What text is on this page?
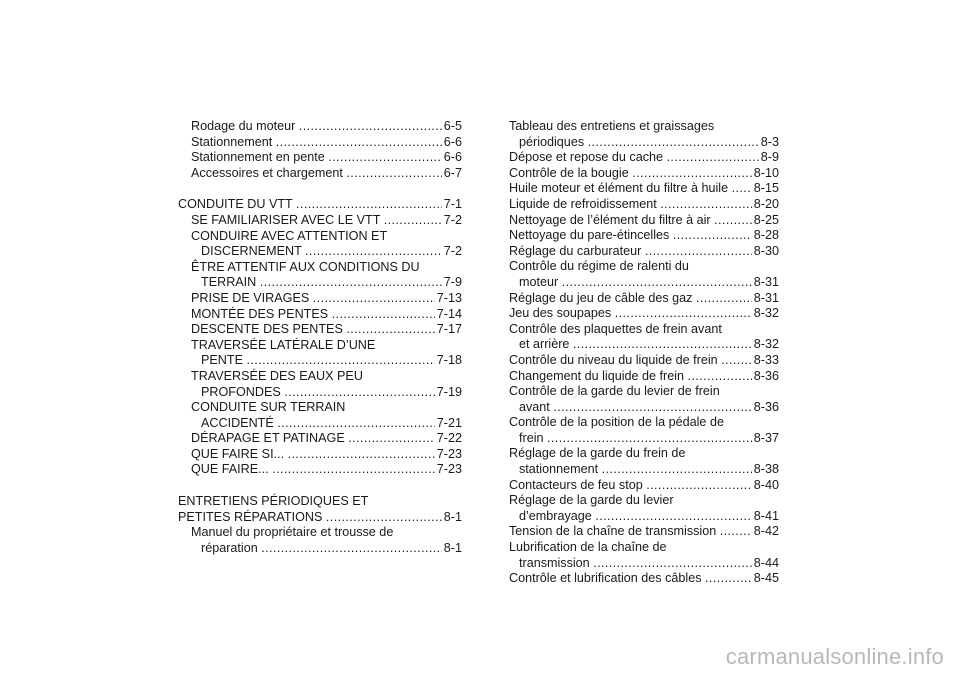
Rodage du moteur .....	6-5
Stationnement .....	6-6
Stationnement en pente .....	6-6
Accessoires et chargement .....	6-7
CONDUITE DU VTT .....	7-1
SE FAMILIARISER AVEC LE VTT .....	7-2
CONDUIRE AVEC ATTENTION ET
DISCERNEMENT .....	7-2
ÊTRE ATTENTIF AUX CONDITIONS DU
TERRAIN .....	7-9
PRISE DE VIRAGES .....	7-13
MONTÉE DES PENTES .....	7-14
DESCENTE DES PENTES .....	7-17
TRAVERSÉE LATÉRALE D’UNE
PENTE .....	7-18
TRAVERSÉE DES EAUX PEU
PROFONDES .....	7-19
CONDUITE SUR TERRAIN
ACCIDENTÉ .....	7-21
DÉRAPAGE ET PATINAGE .....	7-22
QUE FAIRE SI... .....	7-23
QUE FAIRE... .....	7-23
ENTRETIENS PÉRIODIQUES ET
PETITES RÉPARATIONS .....	8-1
Manuel du propriétaire et trousse de
réparation .....	8-1
Tableau des entretiens et graissages
périodiques .....	8-3
Dépose et repose du cache .....	8-9
Contrôle de la bougie .....	8-10
Huile moteur et élément du filtre à huile ..... 8-15
Liquide de refroidissement .....	8-20
Nettoyage de l’élément du filtre à air .....	8-25
Nettoyage du pare-étincelles .....	8-28
Réglage du carburateur .....	8-30
Contrôle du régime de ralenti du
moteur .....	8-31
Réglage du jeu de câble des gaz .....	8-31
Jeu des soupapes .....	8-32
Contrôle des plaquettes de frein avant
et arrière .....	8-32
Contrôle du niveau du liquide de frein .....	8-33
Changement du liquide de frein .....	8-36
Contrôle de la garde du levier de frein
avant .....	8-36
Contrôle de la position de la pédale de
frein .....	8-37
Réglage de la garde du frein de
stationnement .....	8-38
Contacteurs de feu stop .....	8-40
Réglage de la garde du levier
d’embrayage .....	8-41
Tension de la chaîne de transmission .....	8-42
Lubrification de la chaîne de
transmission .....	8-44
Contrôle et lubrification des câbles .....	8-45
carmanualsonline.info
